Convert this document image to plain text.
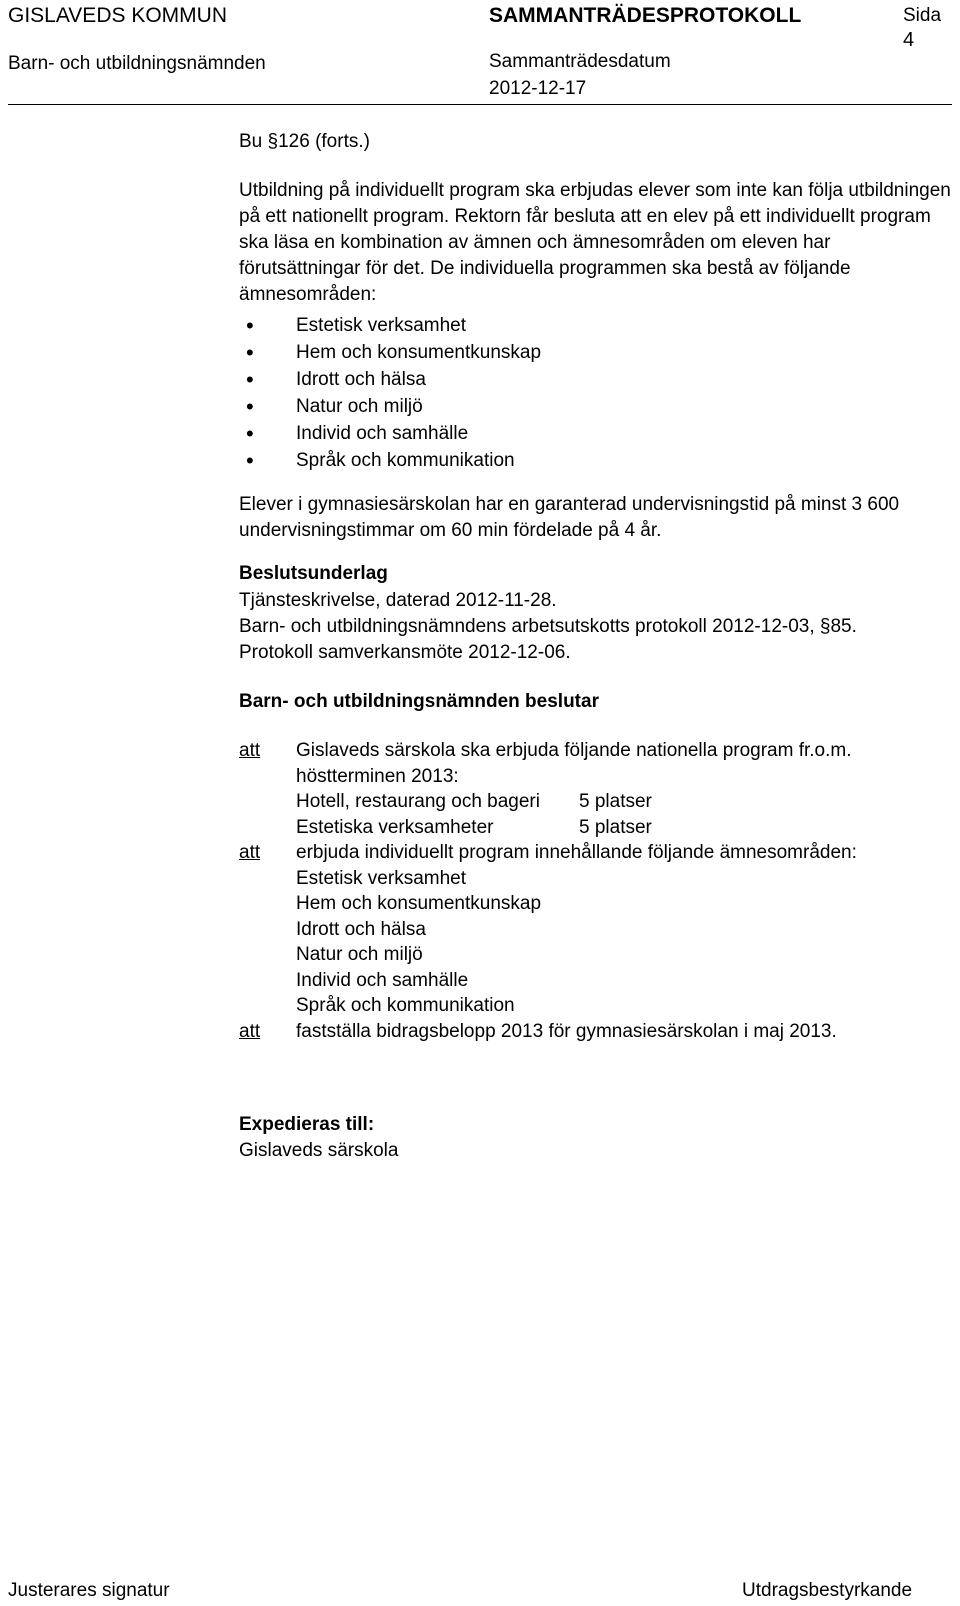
GISLAVEDS KOMMUN
Barn- och utbildningsnämnden
SAMMANTRÄDESPROTOKOLL
Sammanträdesdatum
2012-12-17
Sida
4

Bu §126 (forts.)

Utbildning på individuellt program ska erbjudas elever som inte kan följa utbildningen på ett nationellt program. Rektorn får besluta att en elev på ett individuellt program ska läsa en kombination av ämnen och ämnesområden om eleven har förutsättningar för det. De individuella programmen ska bestå av följande ämnesområden:

• Estetisk verksamhet
• Hem och konsumentkunskap
• Idrott och hälsa
• Natur och miljö
• Individ och samhälle
• Språk och kommunikation

Elever i gymnasiesärskolan har en garanterad undervisningstid på minst 3 600 undervisningstimmar om 60 min fördelade på 4 år.

Beslutsunderlag
Tjänsteskrivelse, daterad 2012-11-28.
Barn- och utbildningsnämndens arbetsutskotts protokoll 2012-12-03, §85.
Protokoll samverkansmöte 2012-12-06.
Barn- och utbildningsnämnden beslutar
att	Gislaveds särskola ska erbjuda följande nationella program fr.o.m.
höstterminen 2013:
Hotell, restaurang och bageri	5 platser
Estetiska verksamheter	5 platser
att	erbjuda individuellt program innehållande följande ämnesområden:
Estetisk verksamhet
Hem och konsumentkunskap
Idrott och hälsa
Natur och miljö
Individ och samhälle
Språk och kommunikation
att	fastställa bidragsbelopp 2013 för gymnasiesärskolan i maj 2013.
Expedieras till:
Gislaveds särskola
Justerares signatur	Utdragsbestyrkande
